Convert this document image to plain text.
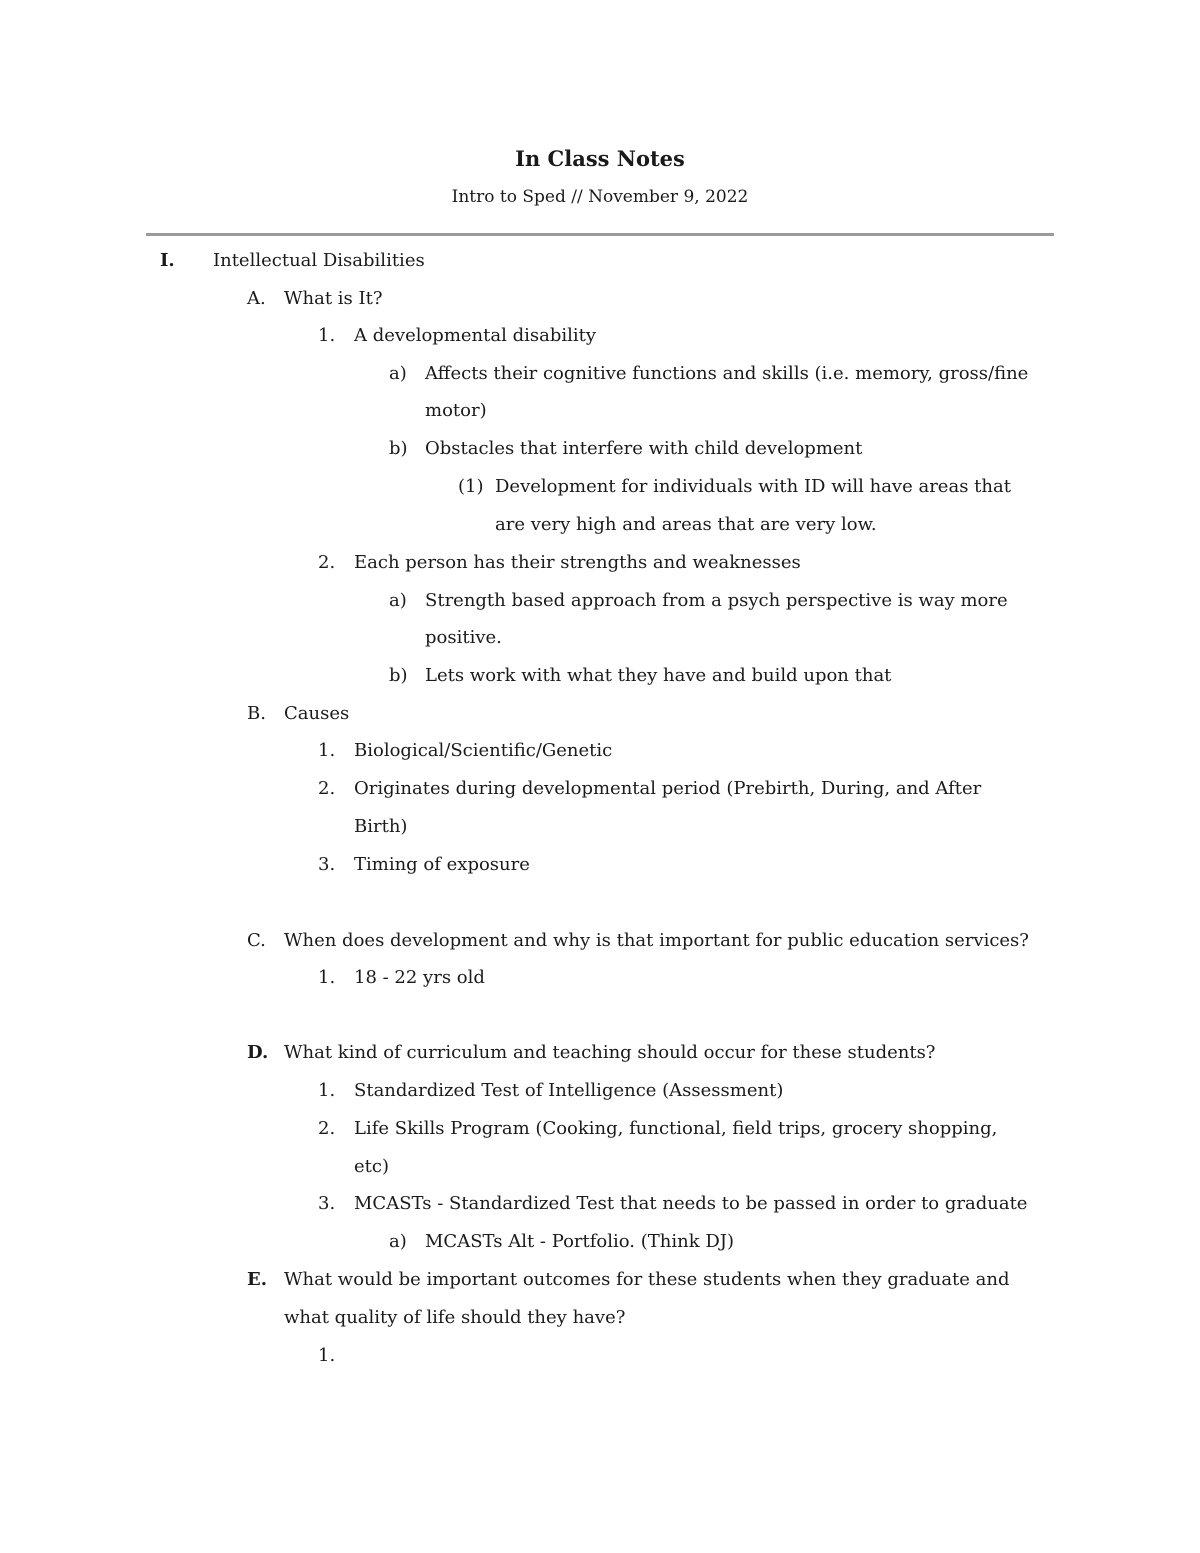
In Class Notes

Intro to Sped // November 9, 2022

I. Intellectual Disabilities

A. What is It?

1. A developmental disability

a) Affects their cognitive functions and skills (i.e. memory, gross/fine

motor)

b) Obstacles that interfere with child development

(1) Development for individuals with ID will have areas that

are very high and areas that are very low.

2. Each person has their strengths and weaknesses

a) Strength based approach from a psych perspective is way more

positive.

b) Lets work with what they have and build upon that

B. Causes

1. Biological/Scientific/Genetic

2. Originates during developmental period (Prebirth, During, and After

Birth)

3. Timing of exposure

C. When does development and why is that important for public education services?

1. 18 - 22 yrs old

D. What kind of curriculum and teaching should occur for these students?

1. Standardized Test of Intelligence (Assessment)

2. Life Skills Program (Cooking, functional, field trips, grocery shopping,

etc)

3. MCASTs - Standardized Test that needs to be passed in order to graduate

a) MCASTs Alt - Portfolio. (Think DJ)

E. What would be important outcomes for these students when they graduate and

what quality of life should they have?

1.
